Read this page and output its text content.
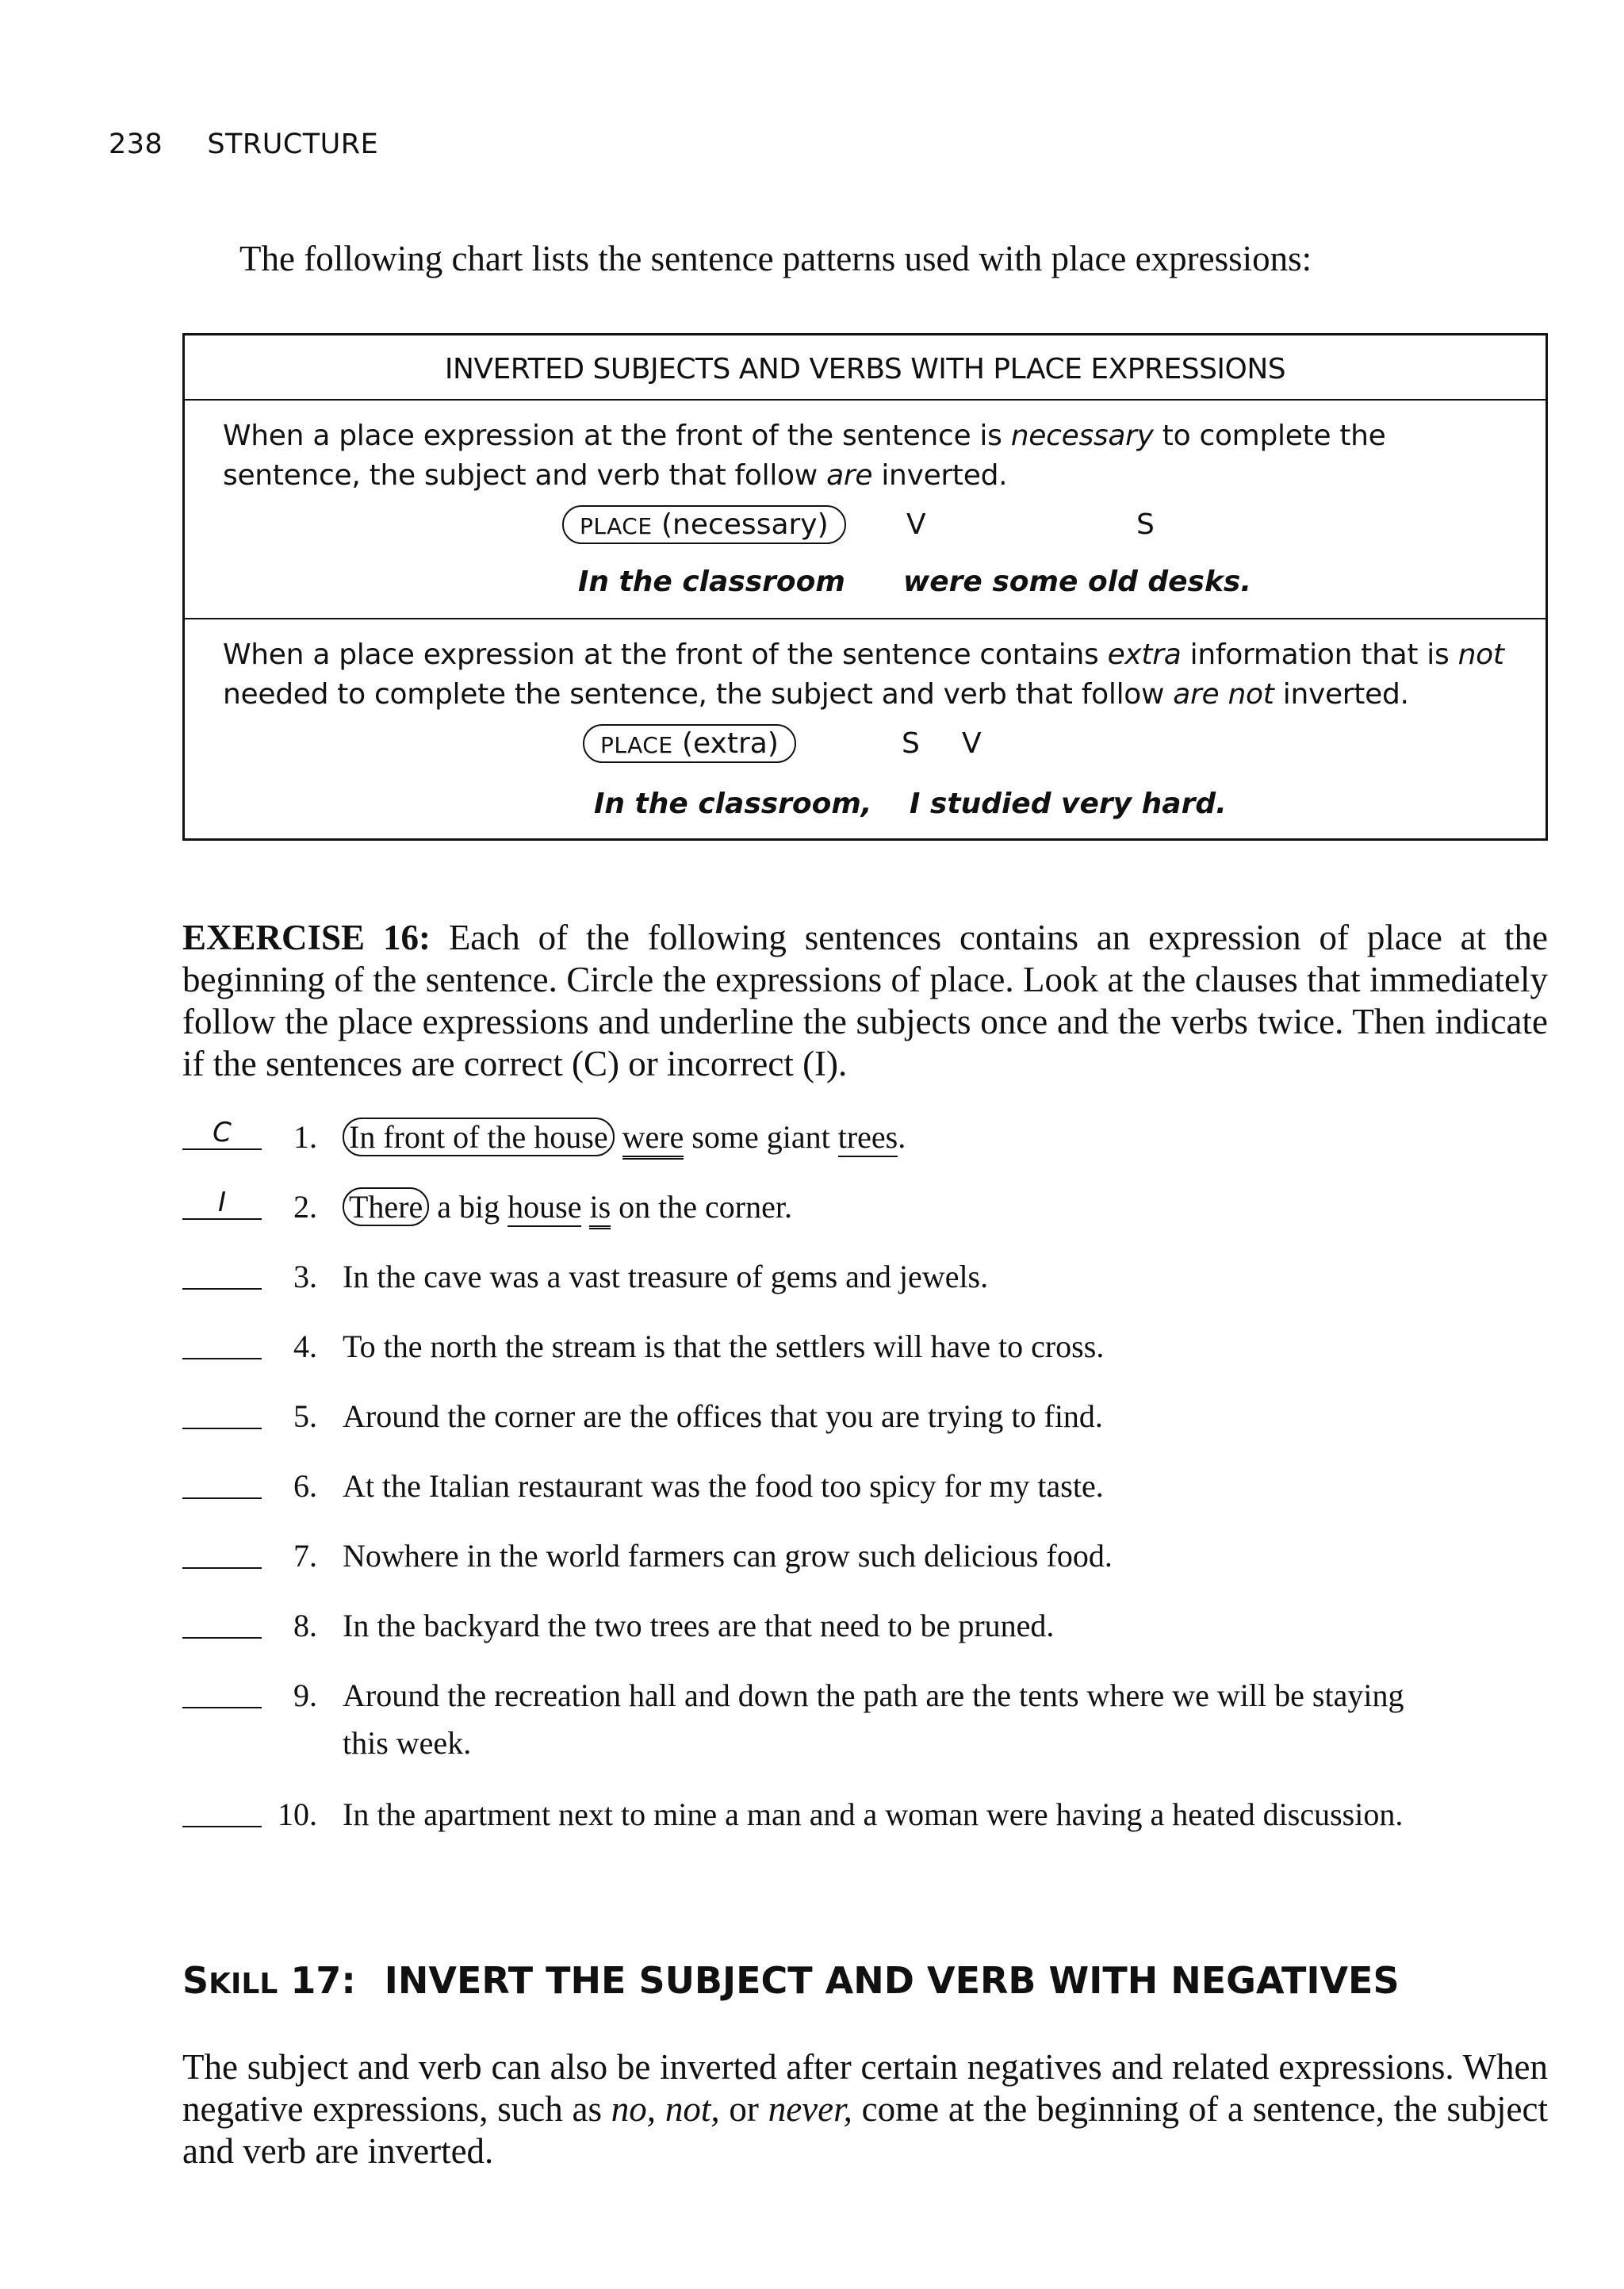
238 STRUCTURE
The following chart lists the sentence patterns used with place expressions:
INVERTED SUBJECTS AND VERBS WITH PLACE EXPRESSIONS
When a place expression at the front of the sentence is necessary to complete the sentence, the subject and verb that follow are inverted.
PLACE (necessary)	V	S
In the classroom were some old desks.
When a place expression at the front of the sentence contains extra information that is not needed to complete the sentence, the subject and verb that follow are not inverted.
PLACE (extra)	S V
In the classroom, I studied very hard.
EXERCISE 16: Each of the following sentences contains an expression of place at the beginning of the sentence. Circle the expressions of place. Look at the clauses that immediately follow the place expressions and underline the subjects once and the verbs twice. Then indicate if the sentences are correct (C) or incorrect (I).
C	1. In front of the house were some giant trees.
I	2. There a big house is on the corner.
3. In the cave was a vast treasure of gems and jewels.
4. To the north the stream is that the settlers will have to cross.
5. Around the corner are the offices that you are trying to find.
6. At the Italian restaurant was the food too spicy for my taste.
7. Nowhere in the world farmers can grow such delicious food.
8. In the backyard the two trees are that need to be pruned.
9. Around the recreation hall and down the path are the tents where we will be staying
this week.
10. In the apartment next to mine a man and a woman were having a heated discussion.
SKILL 17: INVERT THE SUBJECT AND VERB WITH NEGATIVES
The subject and verb can also be inverted after certain negatives and related expressions. When negative expressions, such as no, not, or never, come at the beginning of a sentence, the subject and verb are inverted.
